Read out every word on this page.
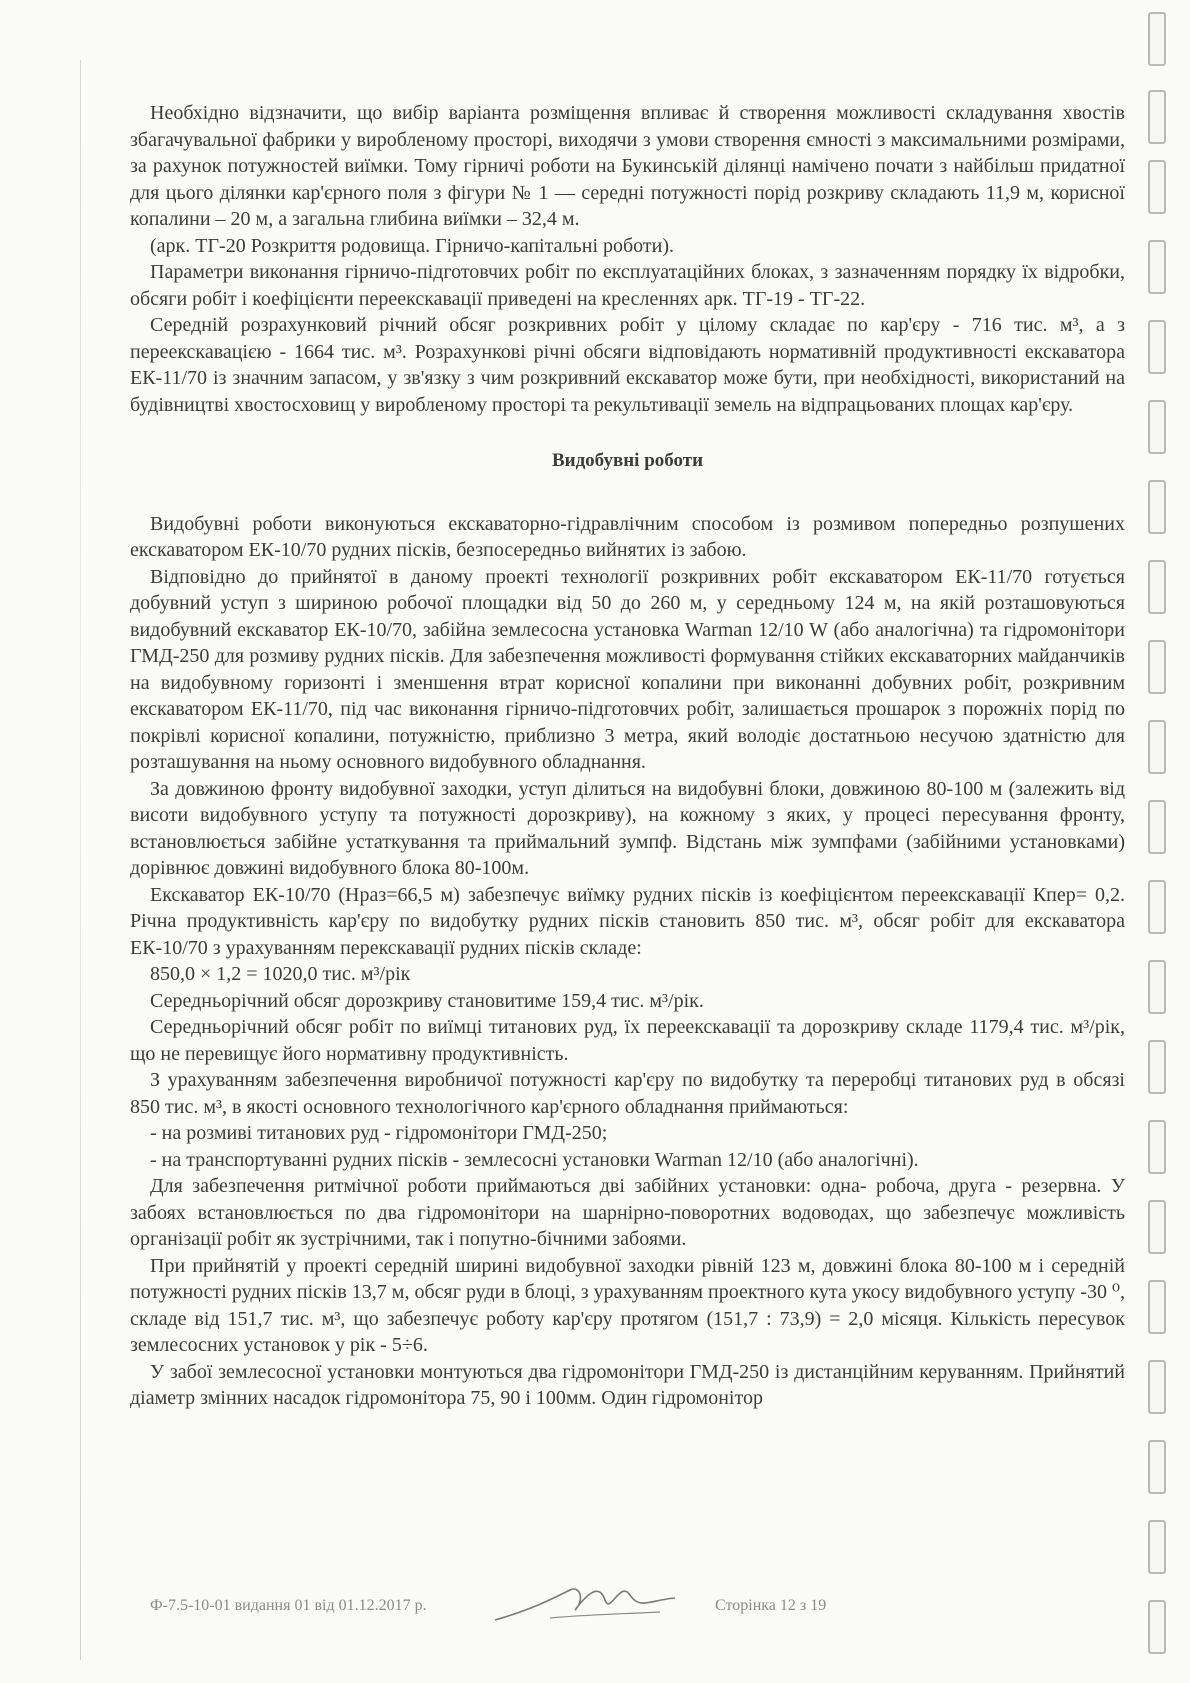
Необхідно відзначити, що вибір варіанта розміщення впливає й створення можливості складування хвостів збагачувальної фабрики у виробленому просторі, виходячи з умови створення ємності з максимальними розмірами, за рахунок потужностей виїмки. Тому гірничі роботи на Букинській ділянці намічено почати з найбільш придатної для цього ділянки кар'єрного поля з фігури № 1 — середні потужності порід розкриву складають 11,9 м, корисної копалини – 20 м, а загальна глибина виїмки – 32,4 м.

(арк. ТГ-20 Розкриття родовища. Гірничо-капітальні роботи).

Параметри виконання гірничо-підготовчих робіт по експлуатаційних блоках, з зазначенням порядку їх відробки, обсяги робіт і коефіцієнти переекскавації приведені на кресленнях арк. ТГ-19 - ТГ-22.

Середній розрахунковий річний обсяг розкривних робіт у цілому складає по кар'єру - 716 тис. м³, а з переекскавацією - 1664 тис. м³. Розрахункові річні обсяги відповідають нормативній продуктивності екскаватора ЕК-11/70 із значним запасом, у зв'язку з чим розкривний екскаватор може бути, при необхідності, використаний на будівництві хвостосховищ у виробленому просторі та рекультивації земель на відпрацьованих площах кар'єру.

Видобувні роботи

Видобувні роботи виконуються екскаваторно-гідравлічним способом із розмивом попередньо розпушених екскаватором ЕК-10/70 рудних пісків, безпосередньо вийнятих із забою.

Відповідно до прийнятої в даному проекті технології розкривних робіт екскаватором ЕК-11/70 готується добувний уступ з шириною робочої площадки від 50 до 260 м, у середньому 124 м, на якій розташовуються видобувний екскаватор ЕК-10/70, забійна землесосна установка Warman 12/10 W (або аналогічна) та гідромонітори ГМД-250 для розмиву рудних пісків. Для забезпечення можливості формування стійких екскаваторних майданчиків на видобувному горизонті і зменшення втрат корисної копалини при виконанні добувних робіт, розкривним екскаватором ЕК-11/70, під час виконання гірничо-підготовчих робіт, залишається прошарок з порожніх порід по покрівлі корисної копалини, потужністю, приблизно 3 метра, який володіє достатньою несучою здатністю для розташування на ньому основного видобувного обладнання.

За довжиною фронту видобувної заходки, уступ ділиться на видобувні блоки, довжиною 80-100 м (залежить від висоти видобувного уступу та потужності дорозкриву), на кожному з яких, у процесі пересування фронту, встановлюється забійне устаткування та приймальний зумпф. Відстань між зумпфами (забійними установками) дорівнює довжині видобувного блока 80-100м.

Екскаватор ЕК-10/70 (Нраз=66,5 м) забезпечує виїмку рудних пісків із коефіцієнтом переекскавації Кпер= 0,2. Річна продуктивність кар'єру по видобутку рудних пісків становить 850 тис. м³, обсяг робіт для екскаватора ЕК-10/70 з урахуванням перекскавації рудних пісків складе:

850,0 × 1,2 = 1020,0 тис. м³/рік

Середньорічний обсяг дорозкриву становитиме 159,4 тис. м³/рік.

Середньорічний обсяг робіт по виїмці титанових руд, їх переекскавації та дорозкриву складе 1179,4 тис. м³/рік, що не перевищує його нормативну продуктивність.

З урахуванням забезпечення виробничої потужності кар'єру по видобутку та переробці титанових руд в обсязі 850 тис. м³, в якості основного технологічного кар'єрного обладнання приймаються:

- на розмиві титанових руд - гідромонітори ГМД-250;

- на транспортуванні рудних пісків - землесосні установки Warman 12/10 (або аналогічні).

Для забезпечення ритмічної роботи приймаються дві забійних установки: одна- робоча, друга - резервна. У забоях встановлюється по два гідромонітори на шарнірно-поворотних водоводах, що забезпечує можливість організації робіт як зустрічними, так і попутно-бічними забоями.

При прийнятій у проекті середній ширині видобувної заходки рівній 123 м, довжині блока 80-100 м і середній потужності рудних пісків 13,7 м, обсяг руди в блоці, з урахуванням проектного кута укосу видобувного уступу -30 ⁰, складе від 151,7 тис. м³, що забезпечує роботу кар'єру протягом (151,7 : 73,9) = 2,0 місяця. Кількість пересувок землесосних установок у рік - 5÷6.

У забої землесосної установки монтуються два гідромонітори ГМД-250 із дистанційним керуванням. Прийнятий діаметр змінних насадок гідромонітора 75, 90 і 100мм. Один гідромонітор

Ф-7.5-10-01 видання 01 від 01.12.2017 р.	Сторінка 12 з 19
